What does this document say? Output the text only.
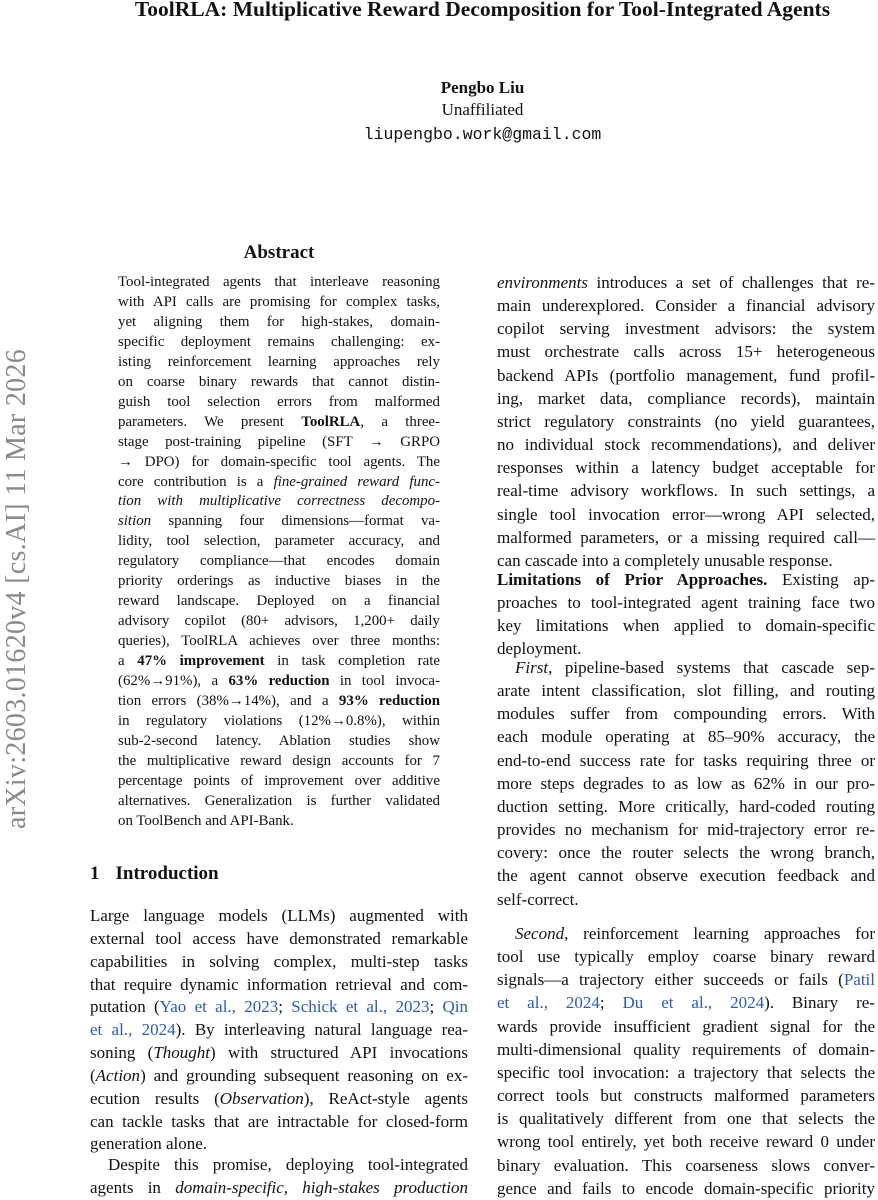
ToolRLA: Multiplicative Reward Decomposition for Tool-Integrated Agents
Pengbo Liu
Unaffiliated
liupengbo.work@gmail.com
arXiv:2603.01620v4 [cs.AI] 11 Mar 2026
Abstract
Tool-integrated agents that interleave reasoning
with API calls are promising for complex tasks,
yet aligning them for high-stakes, domain-
specific deployment remains challenging: ex-
isting reinforcement learning approaches rely
on coarse binary rewards that cannot distin-
guish tool selection errors from malformed
parameters. We present ToolRLA, a three-
stage post-training pipeline (SFT → GRPO
→ DPO) for domain-specific tool agents. The
core contribution is a fine-grained reward func-
tion with multiplicative correctness decompo-
sition spanning four dimensions—format va-
lidity, tool selection, parameter accuracy, and
regulatory compliance—that encodes domain
priority orderings as inductive biases in the
reward landscape. Deployed on a financial
advisory copilot (80+ advisors, 1,200+ daily
queries), ToolRLA achieves over three months:
a 47% improvement in task completion rate
(62%→91%), a 63% reduction in tool invoca-
tion errors (38%→14%), and a 93% reduction
in regulatory violations (12%→0.8%), within
sub-2-second latency. Ablation studies show
the multiplicative reward design accounts for 7
percentage points of improvement over additive
alternatives. Generalization is further validated
on ToolBench and API-Bank.
1 Introduction
Large language models (LLMs) augmented with
external tool access have demonstrated remarkable
capabilities in solving complex, multi-step tasks
that require dynamic information retrieval and com-
putation (Yao et al., 2023; Schick et al., 2023; Qin
et al., 2024). By interleaving natural language rea-
soning (Thought) with structured API invocations
(Action) and grounding subsequent reasoning on ex-
ecution results (Observation), ReAct-style agents
can tackle tasks that are intractable for closed-form
generation alone.
Despite this promise, deploying tool-integrated
agents in domain-specific, high-stakes production
environments introduces a set of challenges that re-
main underexplored. Consider a financial advisory
copilot serving investment advisors: the system
must orchestrate calls across 15+ heterogeneous
backend APIs (portfolio management, fund profil-
ing, market data, compliance records), maintain
strict regulatory constraints (no yield guarantees,
no individual stock recommendations), and deliver
responses within a latency budget acceptable for
real-time advisory workflows. In such settings, a
single tool invocation error—wrong API selected,
malformed parameters, or a missing required call—
can cascade into a completely unusable response.
Limitations of Prior Approaches. Existing ap-
proaches to tool-integrated agent training face two
key limitations when applied to domain-specific
deployment.
First, pipeline-based systems that cascade sep-
arate intent classification, slot filling, and routing
modules suffer from compounding errors. With
each module operating at 85–90% accuracy, the
end-to-end success rate for tasks requiring three or
more steps degrades to as low as 62% in our pro-
duction setting. More critically, hard-coded routing
provides no mechanism for mid-trajectory error re-
covery: once the router selects the wrong branch,
the agent cannot observe execution feedback and
self-correct.
Second, reinforcement learning approaches for
tool use typically employ coarse binary reward
signals—a trajectory either succeeds or fails (Patil
et al., 2024; Du et al., 2024). Binary re-
wards provide insufficient gradient signal for the
multi-dimensional quality requirements of domain-
specific tool invocation: a trajectory that selects the
correct tools but constructs malformed parameters
is qualitatively different from one that selects the
wrong tool entirely, yet both receive reward 0 under
binary evaluation. This coarseness slows conver-
gence and fails to encode domain-specific priority
